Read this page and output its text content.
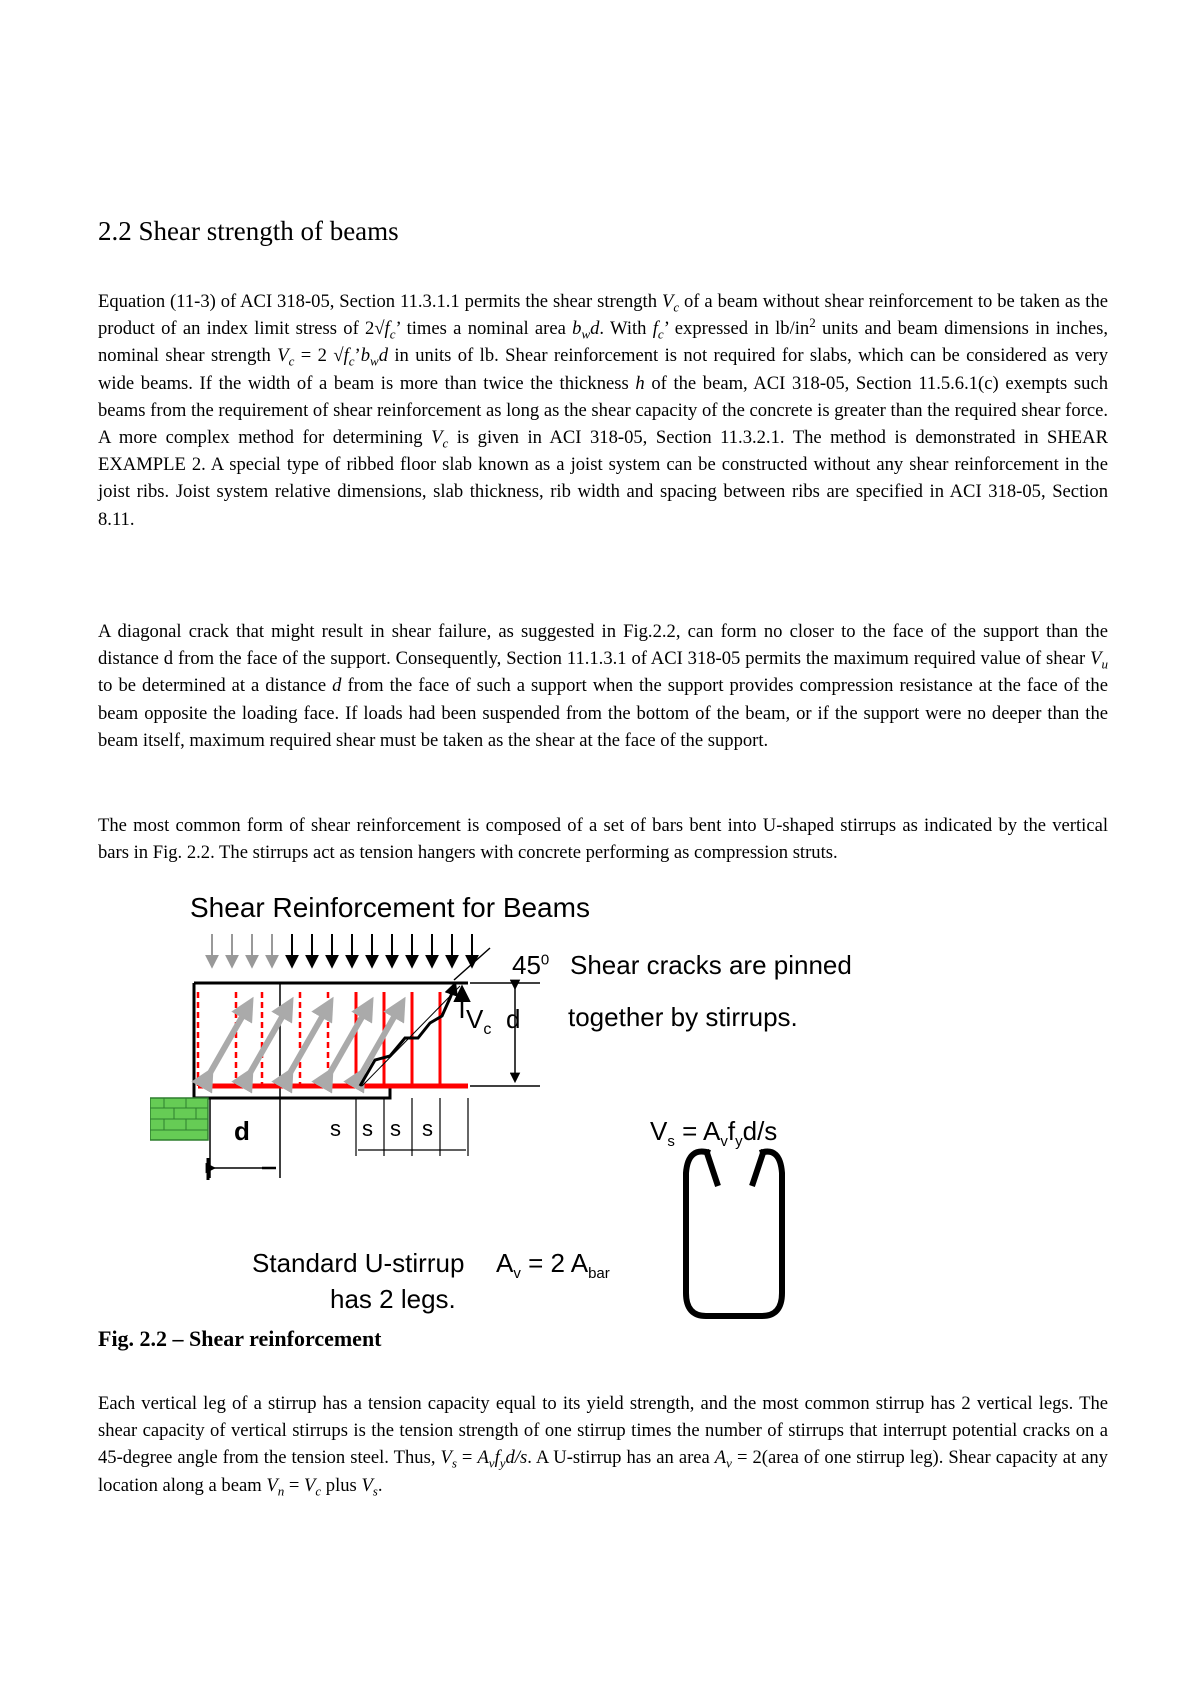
2.2 Shear strength of beams

Equation (11-3) of ACI 318-05, Section 11.3.1.1 permits the shear strength $V_c$ of a beam without shear reinforcement to be taken as the product of an index limit stress of $2√f_c$’ times a nominal area $b_wd$. With $f_c$’ expressed in $lb/in^2$ units and beam dimensions in inches, nominal shear strength $V_c = 2$ $√f_c’b_wd$ in units of lb. Shear reinforcement is not required for slabs, which can be considered as very wide beams. If the width of a beam is more than twice the thickness h of the beam, ACI 318-05, Section 11.5.6.1(c) exempts such beams from the requirement of shear reinforcement as long as the shear capacity of the concrete is greater than the required shear force. A more complex method for determining $V_c$ is given in ACI 318-05, Section 11.3.2.1. The method is demonstrated in SHEAR EXAMPLE 2. A special type of ribbed floor slab known as a joist system can be constructed without any shear reinforcement in the joist ribs. Joist system relative dimensions, slab thickness, rib width and spacing between ribs are specified in ACI 318-05, Section 8.11.

A diagonal crack that might result in shear failure, as suggested in Fig.2.2, can form no closer to the face of the support than the distance d from the face of the support. Consequently, Section 11.1.3.1 of ACI 318-05 permits the maximum required value of shear $V_u$ to be determined at a distance d from the face of such a support when the support provides compression resistance at the face of the beam opposite the loading face. If loads had been suspended from the bottom of the beam, or if the support were no deeper than the beam itself, maximum required shear must be taken as the shear at the face of the support.

The most common form of shear reinforcement is composed of a set of bars bent into U-shaped stirrups as indicated by the vertical bars in Fig. 2.2. The stirrups act as tension hangers with concrete performing as compression struts.

Shear Reinforcement for Beams
$45^0$ Shear cracks are pinned
together by stirrups.
$V_c$ d
d	s s s s	$V_s = A_vf_yd/s$
Standard U-stirrup
has 2 legs.
$A_v = 2$ $A_{bar}$
Fig. 2.2 – Shear reinforcement

Each vertical leg of a stirrup has a tension capacity equal to its yield strength, and the most common stirrup has 2 vertical legs. The shear capacity of vertical stirrups is the tension strength of one stirrup times the number of stirrups that interrupt potential cracks on a 45-degree angle from the tension steel. Thus, $V_s = A_vf_yd/s$. A U-stirrup has an area $A_v$ = 2(area of one stirrup leg). Shear capacity at any location along a beam $V_n = V_c$ plus $V_s$.
